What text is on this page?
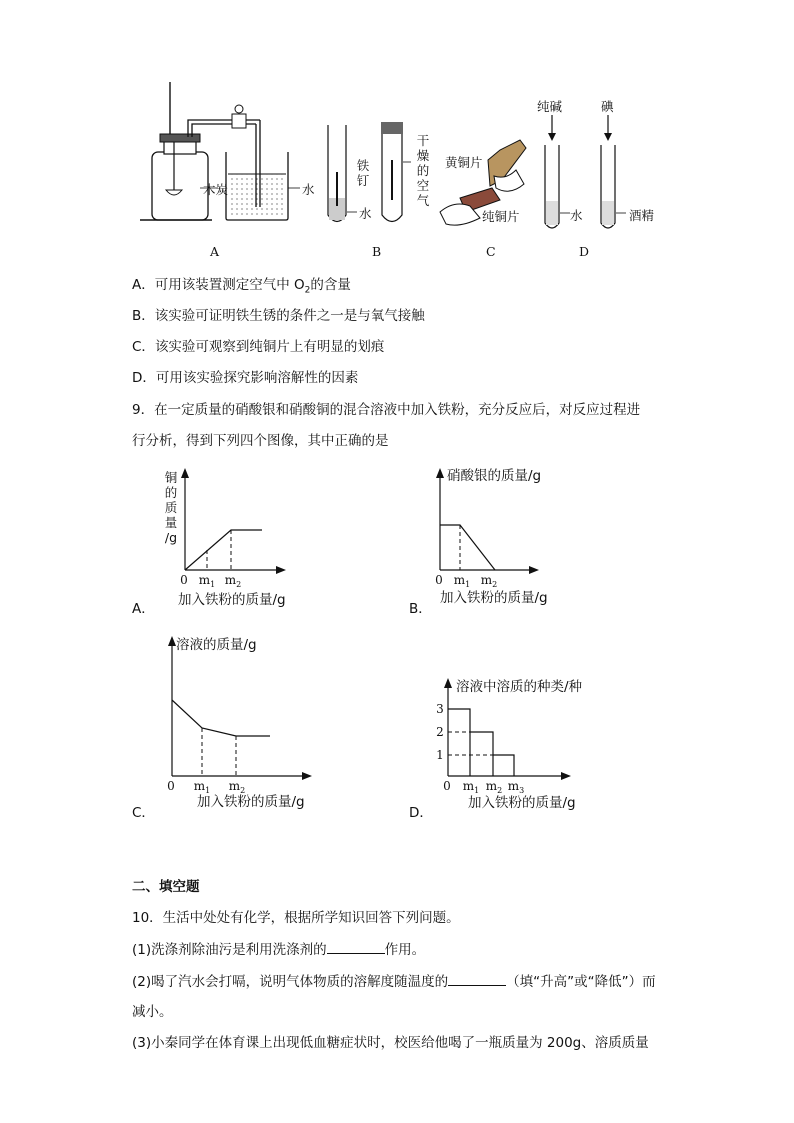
木炭	水
铁钉
水
干燥的空气
黄铜片
纯铜片
纯碱	碘
水	酒精
A	B	C	D
A．可用该装置测定空气中 $O_2$的含量
B．该实验可证明铁生锈的条件之一是与氧气接触
C．该实验可观察到纯铜片上有明显的划痕
D．可用该实验探究影响溶解性的因素
9．在一定质量的硝酸银和硝酸铜的混合溶液中加入铁粉，充分反应后，对反应过程进
行分析，得到下列四个图像，其中正确的是
铜
的
质
量
/g
0 $m_1$ $m_2$
A．
加入铁粉的质量/g
硝酸银的质量/g
0 $m_1$ $m_2$
B．
加入铁粉的质量/g
溶液的质量/g
0 $m_1$ $m_2$
C．
加入铁粉的质量/g
溶液中溶质的种类/种
3
2
1
0 $m_1$ $m_2$ $m_3$
D．
加入铁粉的质量/g
二、填空题
10．生活中处处有化学，根据所学知识回答下列问题。
(1)洗涤剂除油污是利用洗涤剂的	作用。
(2)喝了汽水会打嗝，说明气体物质的溶解度随温度的	（填“升高”或“降低”）而
减小。
(3)小秦同学在体育课上出现低血糖症状时，校医给他喝了一瓶质量为 200g、溶质质量
